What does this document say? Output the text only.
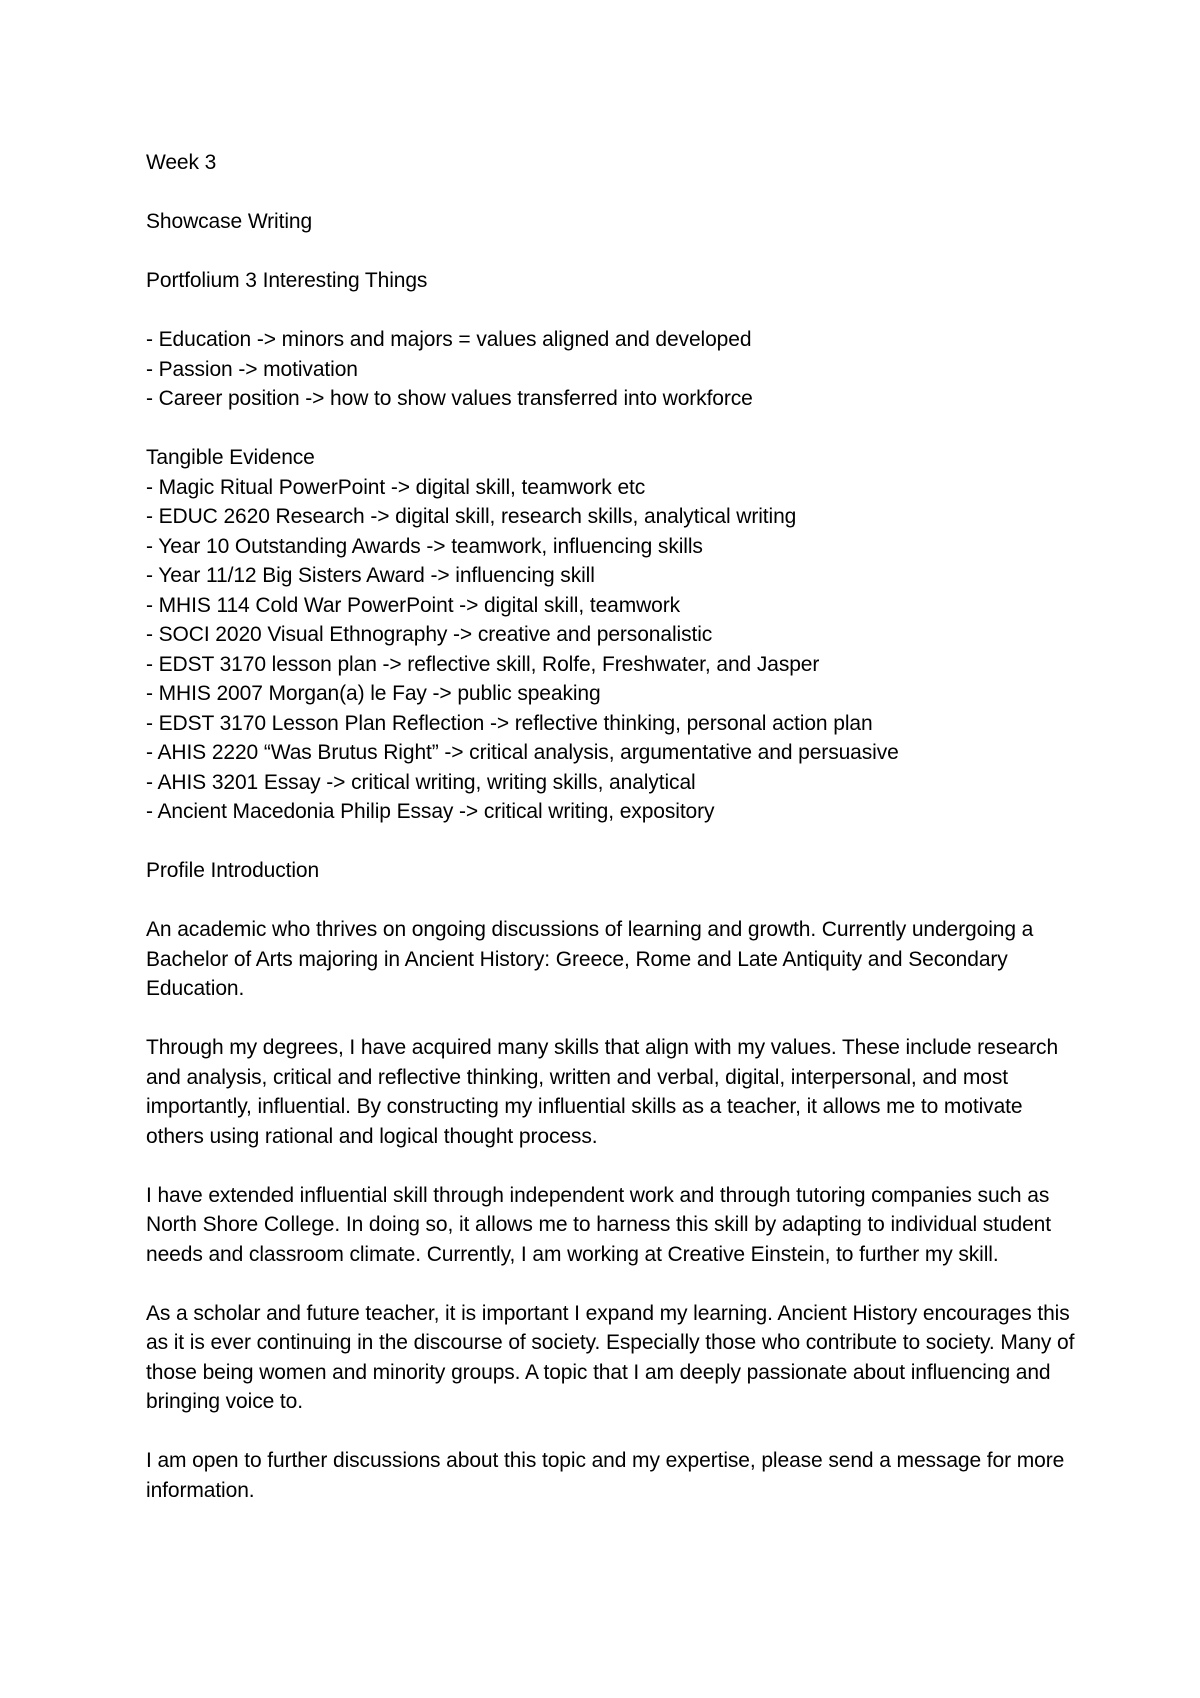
Week 3

Showcase Writing

Portfolium 3 Interesting Things

- Education -> minors and majors = values aligned and developed
- Passion -> motivation
- Career position -> how to show values transferred into workforce

Tangible Evidence

- Magic Ritual PowerPoint -> digital skill, teamwork etc
- EDUC 2620 Research -> digital skill, research skills, analytical writing
- Year 10 Outstanding Awards -> teamwork, influencing skills
- Year 11/12 Big Sisters Award -> influencing skill
- MHIS 114 Cold War PowerPoint -> digital skill, teamwork
- SOCI 2020 Visual Ethnography -> creative and personalistic
- EDST 3170 lesson plan -> reflective skill, Rolfe, Freshwater, and Jasper
- MHIS 2007 Morgan(a) le Fay -> public speaking
- EDST 3170 Lesson Plan Reflection -> reflective thinking, personal action plan
- AHIS 2220 “Was Brutus Right” -> critical analysis, argumentative and persuasive
- AHIS 3201 Essay -> critical writing, writing skills, analytical
- Ancient Macedonia Philip Essay -> critical writing, expository

Profile Introduction

An academic who thrives on ongoing discussions of learning and growth. Currently undergoing a Bachelor of Arts majoring in Ancient History: Greece, Rome and Late Antiquity and Secondary Education.

Through my degrees, I have acquired many skills that align with my values. These include research and analysis, critical and reflective thinking, written and verbal, digital, interpersonal, and most importantly, influential. By constructing my influential skills as a teacher, it allows me to motivate others using rational and logical thought process.

I have extended influential skill through independent work and through tutoring companies such as North Shore College. In doing so, it allows me to harness this skill by adapting to individual student needs and classroom climate. Currently, I am working at Creative Einstein, to further my skill.

As a scholar and future teacher, it is important I expand my learning. Ancient History encourages this as it is ever continuing in the discourse of society. Especially those who contribute to society. Many of those being women and minority groups. A topic that I am deeply passionate about influencing and bringing voice to.

I am open to further discussions about this topic and my expertise, please send a message for more information.
